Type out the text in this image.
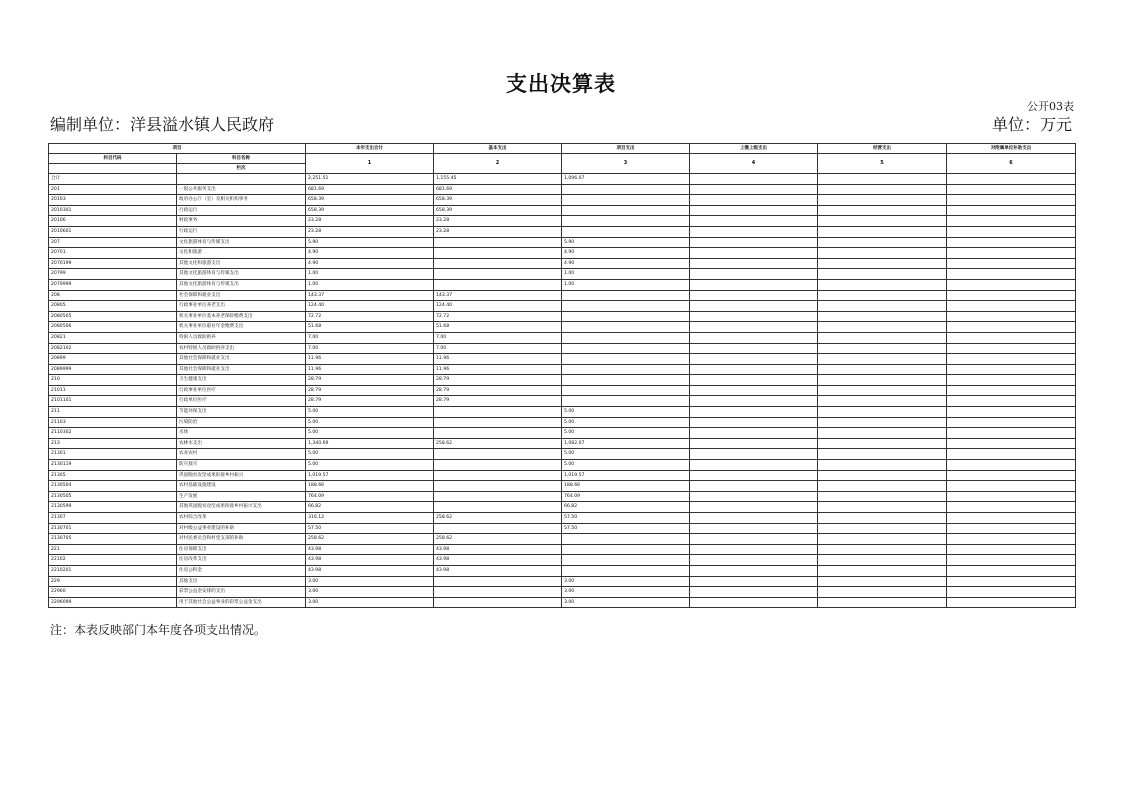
支出决算表
公开03表
编制单位：洋县溢水镇人民政府	单位：万元
项目		本年支出合计	基本支出	项目支出	上缴上级支出	经营支出	对附属单位补助支出
科目代码	科目名称	1	2	3	4	5	6
	栏次						
合计		2,251.51	1,155.45	1,096.07			
201	一般公共服务支出	681.69	681.69				
20103	政府办公厅（室）及相关机构事务	658.39	658.39				
2010301	行政运行	658.39	658.39				
20106	财政事务	23.28	23.28				
2010601	行政运行	23.28	23.28				
207	文化旅游体育与传媒支出	5.90		5.90			
20701	文化和旅游	4.90		4.90			
2070199	其他文化和旅游支出	4.90		4.90			
20799	其他文化旅游体育与传媒支出	1.00		1.00			
2079999	其他文化旅游体育与传媒支出	1.00		1.00			
208	社会保障和就业支出	143.37	143.37				
20805	行政事业单位养老支出	124.40	124.40				
2080505	机关事业单位基本养老保险缴费支出	72.72	72.72				
2080506	机关事业单位职业年金缴费支出	51.68	51.68				
20821	特困人员救助供养	7.00	7.00				
2082102	农村特困人员救助供养支出	7.00	7.00				
20899	其他社会保障和就业支出	11.96	11.96				
2089999	其他社会保障和就业支出	11.96	11.96				
210	卫生健康支出	28.79	28.79				
21011	行政事业单位医疗	28.79	28.79				
2101101	行政单位医疗	28.79	28.79				
211	节能环保支出	5.00		5.00			
21103	污染防治	5.00		5.00			
2110302	水体	5.00		5.00			
213	农林水支出	1,340.69	258.62	1,082.07			
21301	农业农村	5.00		5.00			
2130119	防灾救灾	5.00		5.00			
21305	巩固脱贫攻坚成果衔接乡村振兴	1,019.57		1,019.57			
2130504	农村基础设施建设	188.66		188.66			
2130505	生产发展	764.09		764.09			
2130599	其他巩固脱贫攻坚成果衔接乡村振兴支出	66.82		66.82			
21307	农村综合改革	316.12	258.62	57.50			
2130701	对村级公益事业建设的补助	57.50		57.50			
2130705	对村民委员会和村党支部的补助	258.62	258.62				
221	住房保障支出	43.98	43.98				
22102	住房改革支出	43.98	43.98				
2210201	住房公积金	43.98	43.98				
229	其他支出	3.00		3.00			
22960	彩票公益金安排的支出	3.00		3.00			
2296099	用于其他社会公益事业的彩票公益金支出	3.00		3.00			
注：本表反映部门本年度各项支出情况。
